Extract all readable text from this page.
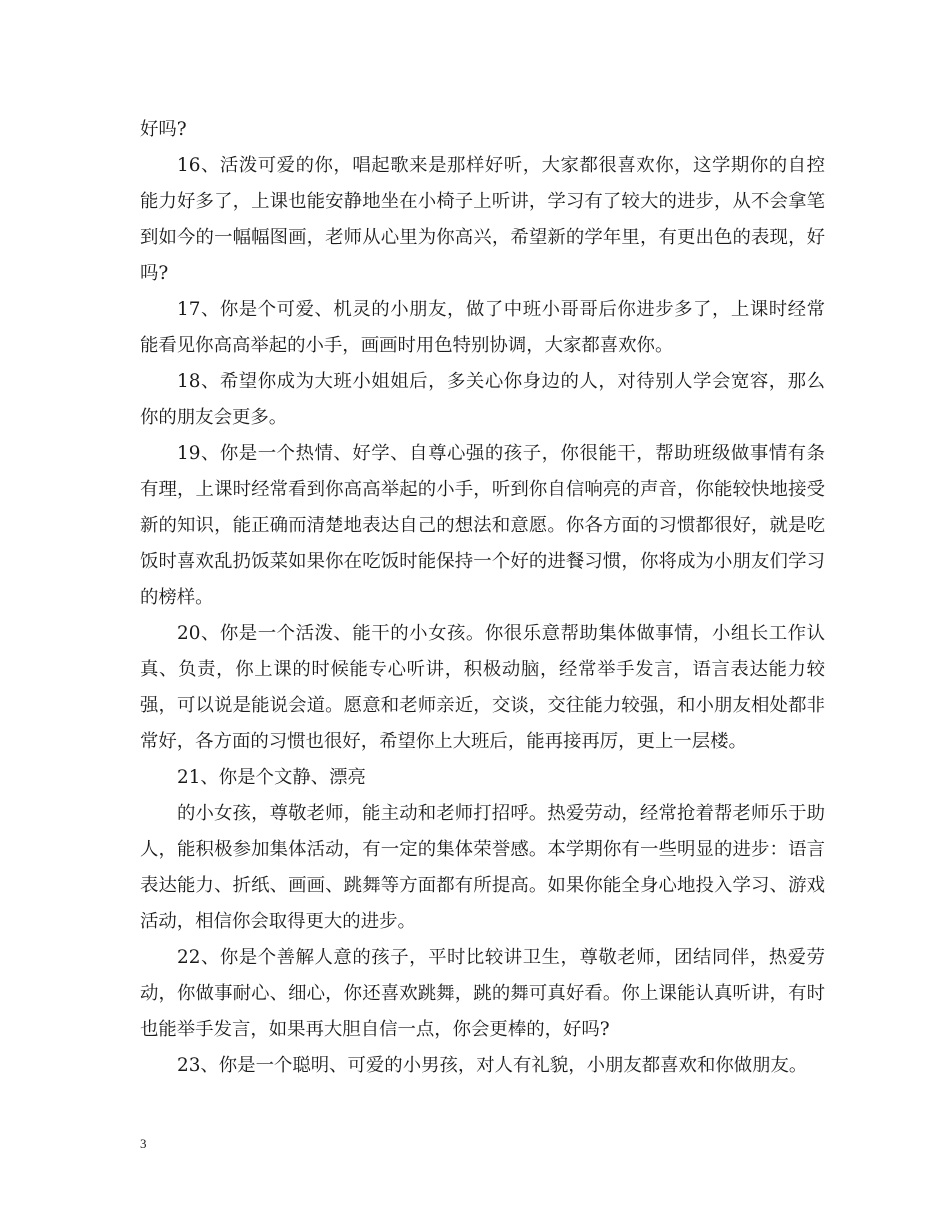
好吗?

16、活泼可爱的你，唱起歌来是那样好听，大家都很喜欢你，这学期你的自控能力好多了，上课也能安静地坐在小椅子上听讲，学习有了较大的进步，从不会拿笔到如今的一幅幅图画，老师从心里为你高兴，希望新的学年里，有更出色的表现，好吗?

17、你是个可爱、机灵的小朋友，做了中班小哥哥后你进步多了，上课时经常能看见你高高举起的小手，画画时用色特别协调，大家都喜欢你。

18、希望你成为大班小姐姐后，多关心你身边的人，对待别人学会宽容，那么你的朋友会更多。

19、你是一个热情、好学、自尊心强的孩子，你很能干，帮助班级做事情有条有理，上课时经常看到你高高举起的小手，听到你自信响亮的声音，你能较快地接受新的知识，能正确而清楚地表达自己的想法和意愿。你各方面的习惯都很好，就是吃饭时喜欢乱扔饭菜如果你在吃饭时能保持一个好的进餐习惯，你将成为小朋友们学习的榜样。

20、你是一个活泼、能干的小女孩。你很乐意帮助集体做事情，小组长工作认真、负责，你上课的时候能专心听讲，积极动脑，经常举手发言，语言表达能力较强，可以说是能说会道。愿意和老师亲近，交谈，交往能力较强，和小朋友相处都非常好，各方面的习惯也很好，希望你上大班后，能再接再厉，更上一层楼。

21、你是个文静、漂亮

的小女孩，尊敬老师，能主动和老师打招呼。热爱劳动，经常抢着帮老师乐于助人，能积极参加集体活动，有一定的集体荣誉感。本学期你有一些明显的进步：语言表达能力、折纸、画画、跳舞等方面都有所提高。如果你能全身心地投入学习、游戏活动，相信你会取得更大的进步。

22、你是个善解人意的孩子，平时比较讲卫生，尊敬老师，团结同伴，热爱劳动，你做事耐心、细心，你还喜欢跳舞，跳的舞可真好看。你上课能认真听讲，有时也能举手发言，如果再大胆自信一点，你会更棒的，好吗?

23、你是一个聪明、可爱的小男孩，对人有礼貌，小朋友都喜欢和你做朋友。

3
